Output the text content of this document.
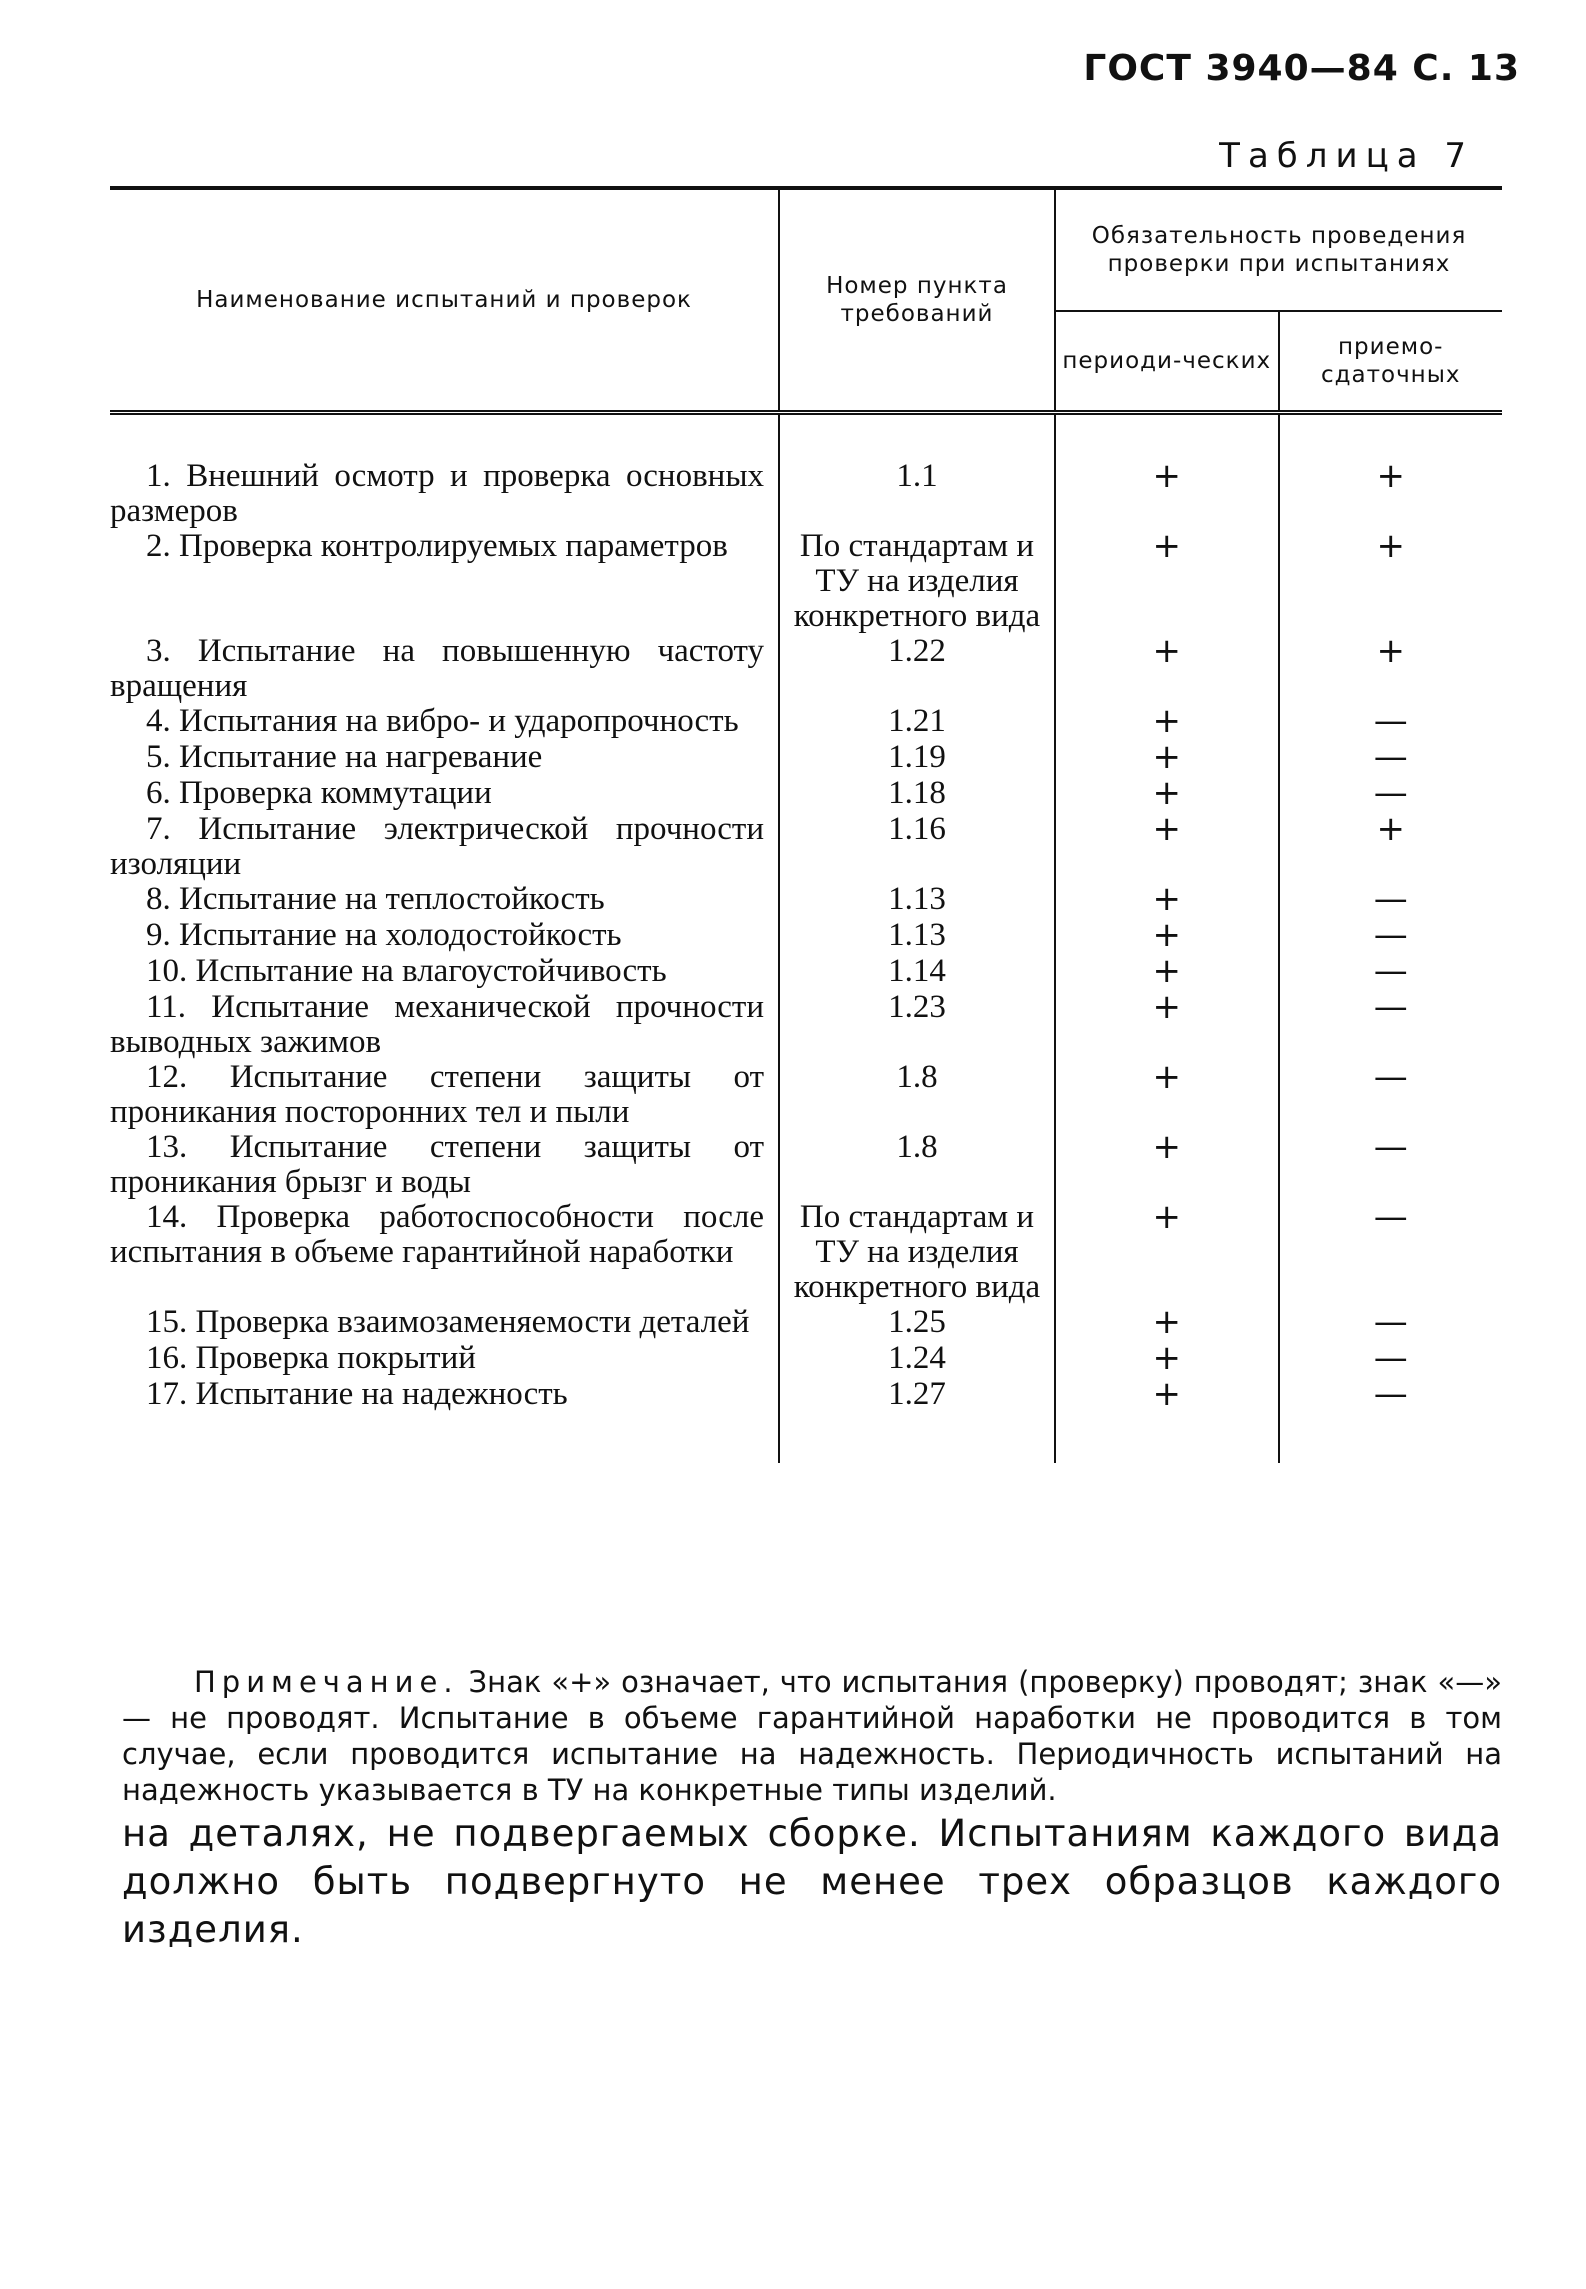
ГОСТ 3940—84 С. 13
Таблица 7
Наименование испытаний и проверок	Номер пункта требований	Обязательность проведения проверки при испытаниях	
		периоди-ческих	приемо-сдаточных
1. Внешний осмотр и проверка основных размеров	1.1	+	+
2. Проверка контролируемых параметров	По стандартам и ТУ на изделия конкретного вида	+	+
3. Испытание на повышенную частоту вращения	1.22	+	+
4. Испытания на вибро- и ударопрочность	1.21	+	—
5. Испытание на нагревание	1.19	+	—
6. Проверка коммутации	1.18	+	—
7. Испытание электрической прочности изоляции	1.16	+	+
8. Испытание на теплостойкость	1.13	+	—
9. Испытание на холодостойкость	1.13	+	—
10. Испытание на влагоустойчивость	1.14	+	—
11. Испытание механической прочности выводных зажимов	1.23	+	—
12. Испытание степени защиты от проникания посторонних тел и пыли	1.8	+	—
13. Испытание степени защиты от проникания брызг и воды	1.8	+	—
14. Проверка работоспособности после испытания в объеме гарантийной наработки	По стандартам и ТУ на изделия конкретного вида	+	—
15. Проверка взаимозаменяемости деталей	1.25	+	—
16. Проверка покрытий	1.24	+	—
17. Испытание на надежность	1.27	+	—
Примечание. Знак «+» означает, что испытания (проверку) проводят; знак «—» — не проводят. Испытание в объеме гарантийной наработки не проводится в том случае, если проводится испытание на надежность. Периодичность испытаний на надежность указывается в ТУ на конкретные типы изделий.
на деталях, не подвергаемых сборке. Испытаниям каждого вида должно быть подвергнуто не менее трех образцов каждого изделия.
